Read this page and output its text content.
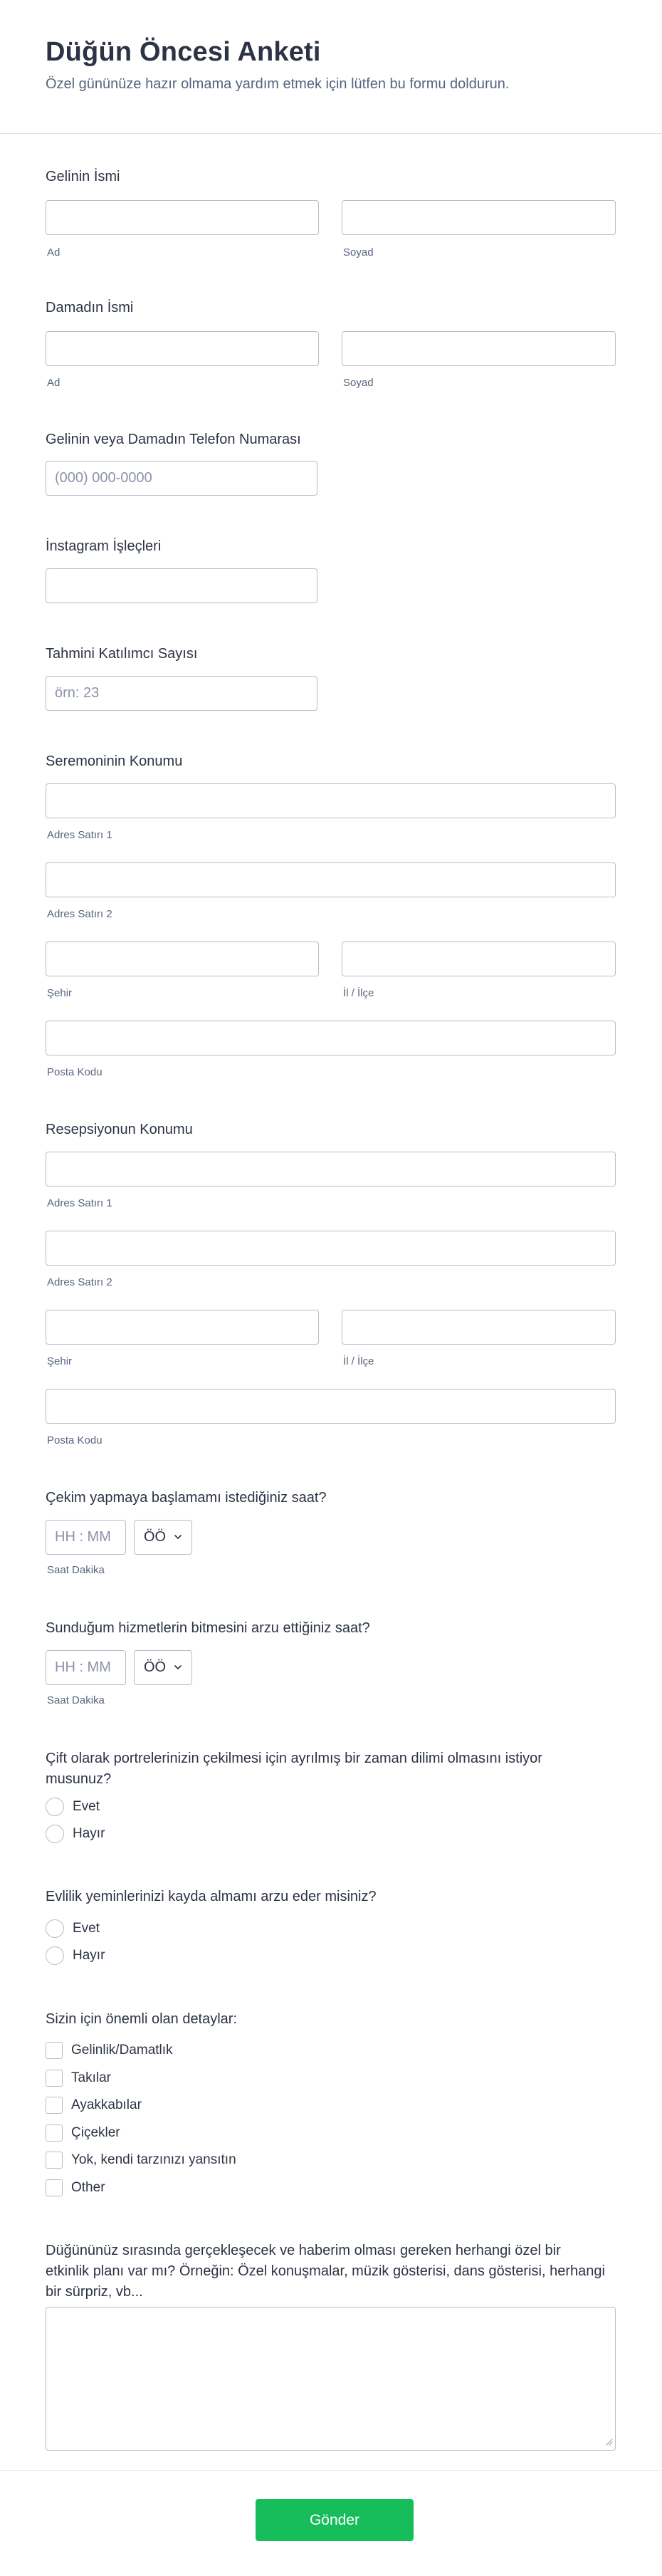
Düğün Öncesi Anketi

Özel gününüze hazır olmama yardım etmek için lütfen bu formu doldurun.

Gelinin İsmi
Ad	Soyad
Damadın İsmi
Ad	Soyad
Gelinin veya Damadın Telefon Numarası
(000) 000-0000
İnstagram İşleçleri
Tahmini Katılımcı Sayısı
örn: 23
Seremoninin Konumu
Adres Satırı 1
Adres Satırı 2
Şehir	İl / İlçe
Posta Kodu
Resepsiyonun Konumu
Adres Satırı 1
Adres Satırı 2
Şehir	İl / İlçe
Posta Kodu
Çekim yapmaya başlamamı istediğiniz saat?
HH : MM
ÖÖ
Saat Dakika
Sunduğum hizmetlerin bitmesini arzu ettiğiniz saat?
HH : MM
ÖÖ
Saat Dakika
Çift olarak portrelerinizin çekilmesi için ayrılmış bir zaman dilimi olmasını istiyor musunuz?
Evet
Hayır
Evlilik yeminlerinizi kayda almamı arzu eder misiniz?
Evet
Hayır
Sizin için önemli olan detaylar:
Gelinlik/Damatlık
Takılar
Ayakkabılar
Çiçekler
Yok, kendi tarzınızı yansıtın
Other
Düğününüz sırasında gerçekleşecek ve haberim olması gereken herhangi özel bir etkinlik planı var mı? Örneğin: Özel konuşmalar, müzik gösterisi, dans gösterisi, herhangi bir sürpriz, vb...
Gönder
